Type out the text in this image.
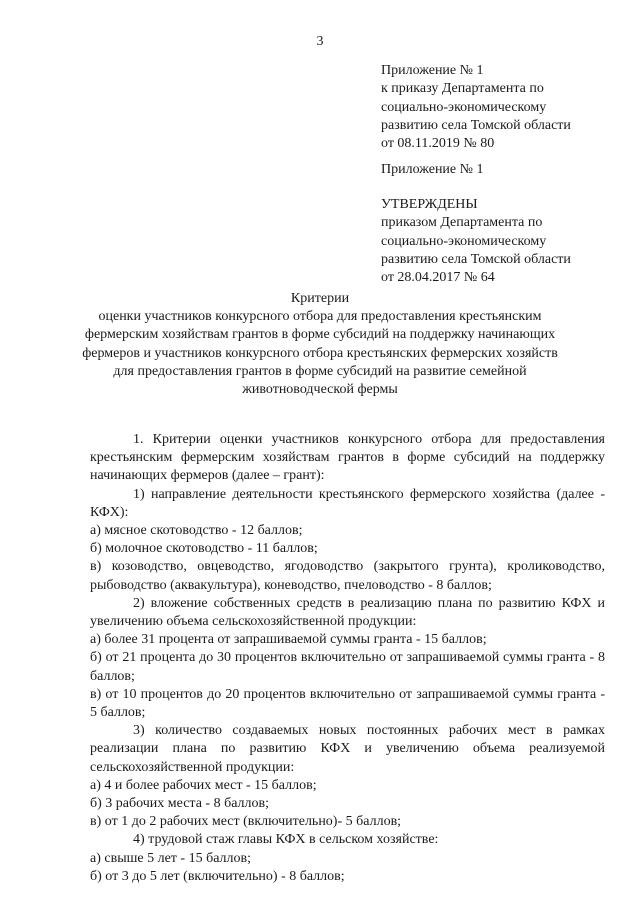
3
Приложение № 1
к приказу Департамента по
социально-экономическому
развитию села Томской области
от 08.11.2019 № 80
Приложение № 1
УТВЕРЖДЕНЫ
приказом Департамента по
социально-экономическому
развитию села Томской области
от 28.04.2017 № 64
Критерии
оценки участников конкурсного отбора для предоставления крестьянским
фермерским хозяйствам грантов в форме субсидий на поддержку начинающих
фермеров и участников конкурсного отбора крестьянских фермерских хозяйств
для предоставления грантов в форме субсидий на развитие семейной
животноводческой фермы

1. Критерии оценки участников конкурсного отбора для предоставления крестьянским фермерским хозяйствам грантов в форме субсидий на поддержку начинающих фермеров (далее – грант):

1) направление деятельности крестьянского фермерского хозяйства (далее - КФХ):

а) мясное скотоводство - 12 баллов;

б) молочное скотоводство - 11 баллов;

в) козоводство, овцеводство, ягодоводство (закрытого грунта), кролиководство, рыбоводство (аквакультура), коневодство, пчеловодство - 8 баллов;

2) вложение собственных средств в реализацию плана по развитию КФХ и увеличению объема сельскохозяйственной продукции:

а) более 31 процента от запрашиваемой суммы гранта - 15 баллов;

б) от 21 процента до 30 процентов включительно от запрашиваемой суммы гранта - 8 баллов;

в) от 10 процентов до 20 процентов включительно от запрашиваемой суммы гранта - 5 баллов;

3) количество создаваемых новых постоянных рабочих мест в рамках реализации плана по развитию КФХ и увеличению объема реализуемой сельскохозяйственной продукции:

а) 4 и более рабочих мест - 15 баллов;

б) 3 рабочих места - 8 баллов;

в) от 1 до 2 рабочих мест (включительно)- 5 баллов;

4) трудовой стаж главы КФХ в сельском хозяйстве:

а) свыше 5 лет - 15 баллов;

б) от 3 до 5 лет (включительно) - 8 баллов;
